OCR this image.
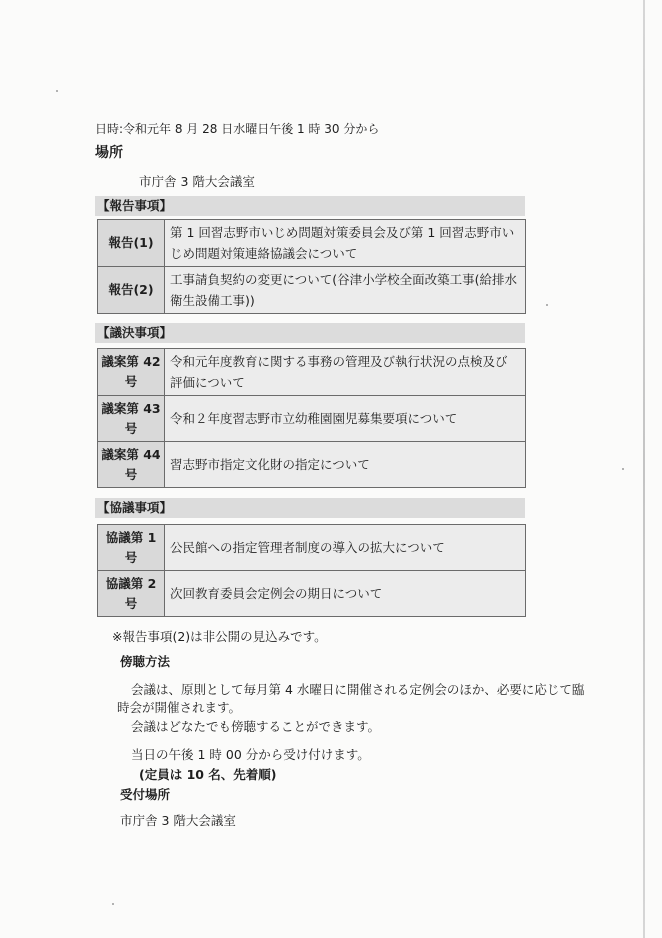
日時:令和元年 8 月 28 日水曜日午後 1 時 30 分から
場所
市庁舎 3 階大会議室
【報告事項】
報告(1)	第 1 回習志野市いじめ問題対策委員会及び第 1 回習志野市いじめ問題対策連絡協議会について
報告(2)	工事請負契約の変更について(谷津小学校全面改築工事(給排水衛生設備工事))
【議決事項】
議案第 42 号	令和元年度教育に関する事務の管理及び執行状況の点検及び評価について
議案第 43 号	令和２年度習志野市立幼稚園園児募集要項について
議案第 44 号	習志野市指定文化財の指定について
【協議事項】
協議第 1 号	公民館への指定管理者制度の導入の拡大について
協議第 2 号	次回教育委員会定例会の期日について
※報告事項(2)は非公開の見込みです。
傍聴方法
会議は、原則として毎月第 4 水曜日に開催される定例会のほか、必要に応じて臨
時会が開催されます。
会議はどなたでも傍聴することができます。
当日の午後 1 時 00 分から受け付けます。
(定員は 10 名、先着順)
受付場所
市庁舎 3 階大会議室
